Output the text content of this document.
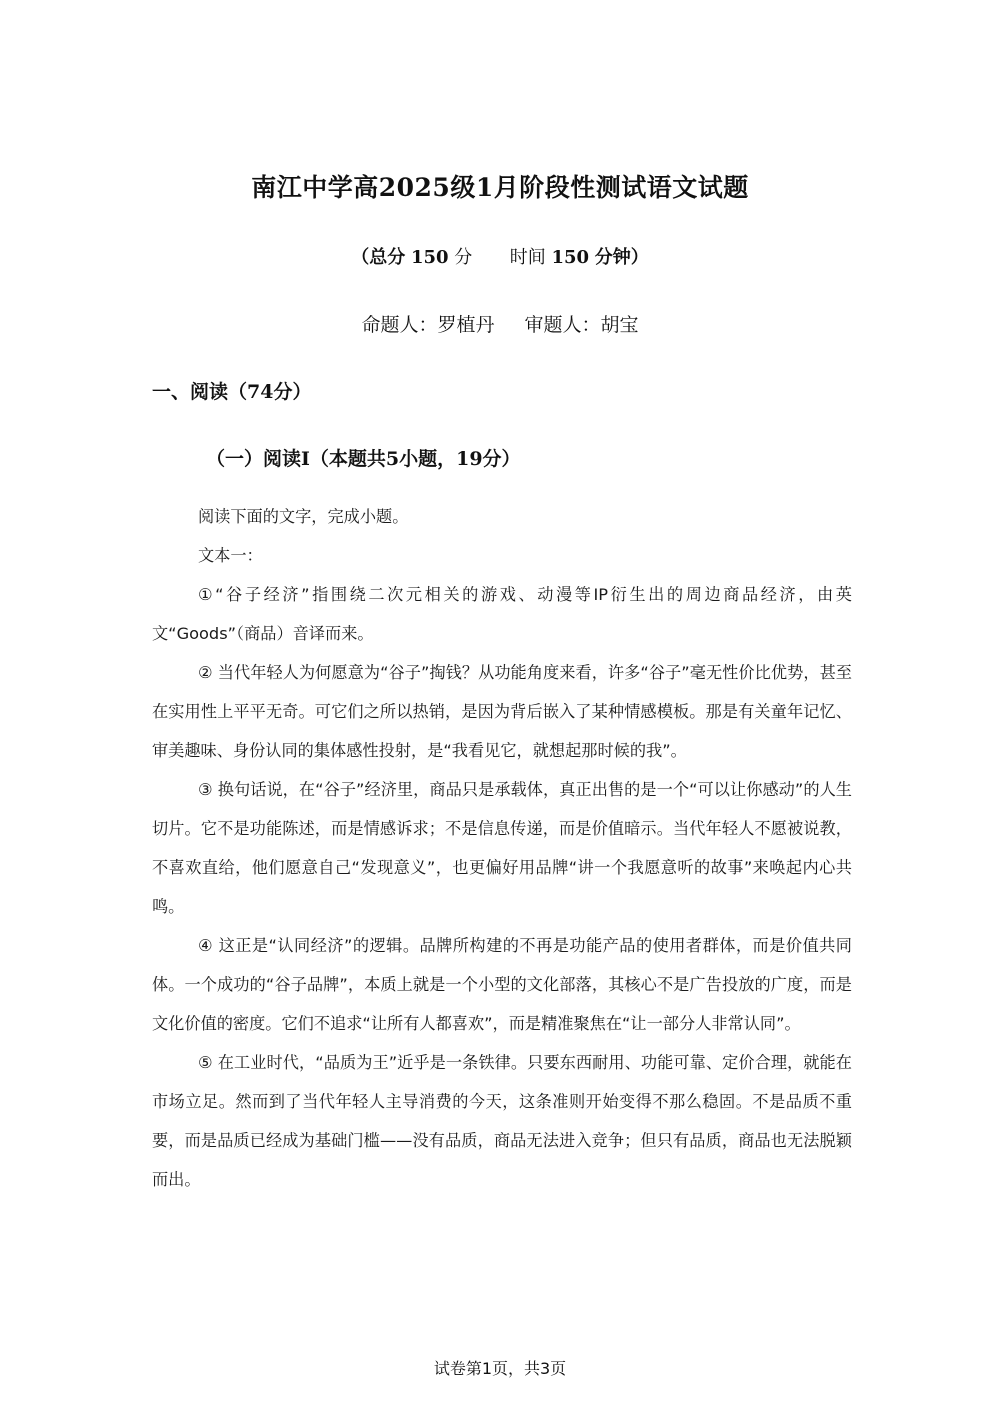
南江中学高2025级1月阶段性测试语文试题
（总分 150 分 时间 150 分钟）
命题人：罗植丹 审题人：胡宝
一、阅读（74分）
（一）阅读Ⅰ（本题共5小题，19分）

阅读下面的文字，完成小题。

文本一：

①“谷子经济”指围绕二次元相关的游戏、动漫等IP衍生出的周边商品经济，由英文“Goods”（商品）音译而来。

② 当代年轻人为何愿意为“谷子”掏钱？从功能角度来看，许多“谷子”毫无性价比优势，甚至在实用性上平平无奇。可它们之所以热销，是因为背后嵌入了某种情感模板。那是有关童年记忆、审美趣味、身份认同的集体感性投射，是“我看见它，就想起那时候的我”。

③ 换句话说，在“谷子”经济里，商品只是承载体，真正出售的是一个“可以让你感动”的人生切片。它不是功能陈述，而是情感诉求；不是信息传递，而是价值暗示。当代年轻人不愿被说教，不喜欢直给，他们愿意自己“发现意义”，也更偏好用品牌“讲一个我愿意听的故事”来唤起内心共鸣。

④ 这正是“认同经济”的逻辑。品牌所构建的不再是功能产品的使用者群体，而是价值共同体。一个成功的“谷子品牌”，本质上就是一个小型的文化部落，其核心不是广告投放的广度，而是文化价值的密度。它们不追求“让所有人都喜欢”，而是精准聚焦在“让一部分人非常认同”。

⑤ 在工业时代，“品质为王”近乎是一条铁律。只要东西耐用、功能可靠、定价合理，就能在市场立足。然而到了当代年轻人主导消费的今天，这条准则开始变得不那么稳固。不是品质不重要，而是品质已经成为基础门槛——没有品质，商品无法进入竞争；但只有品质，商品也无法脱颖而出。

试卷第1页，共3页
